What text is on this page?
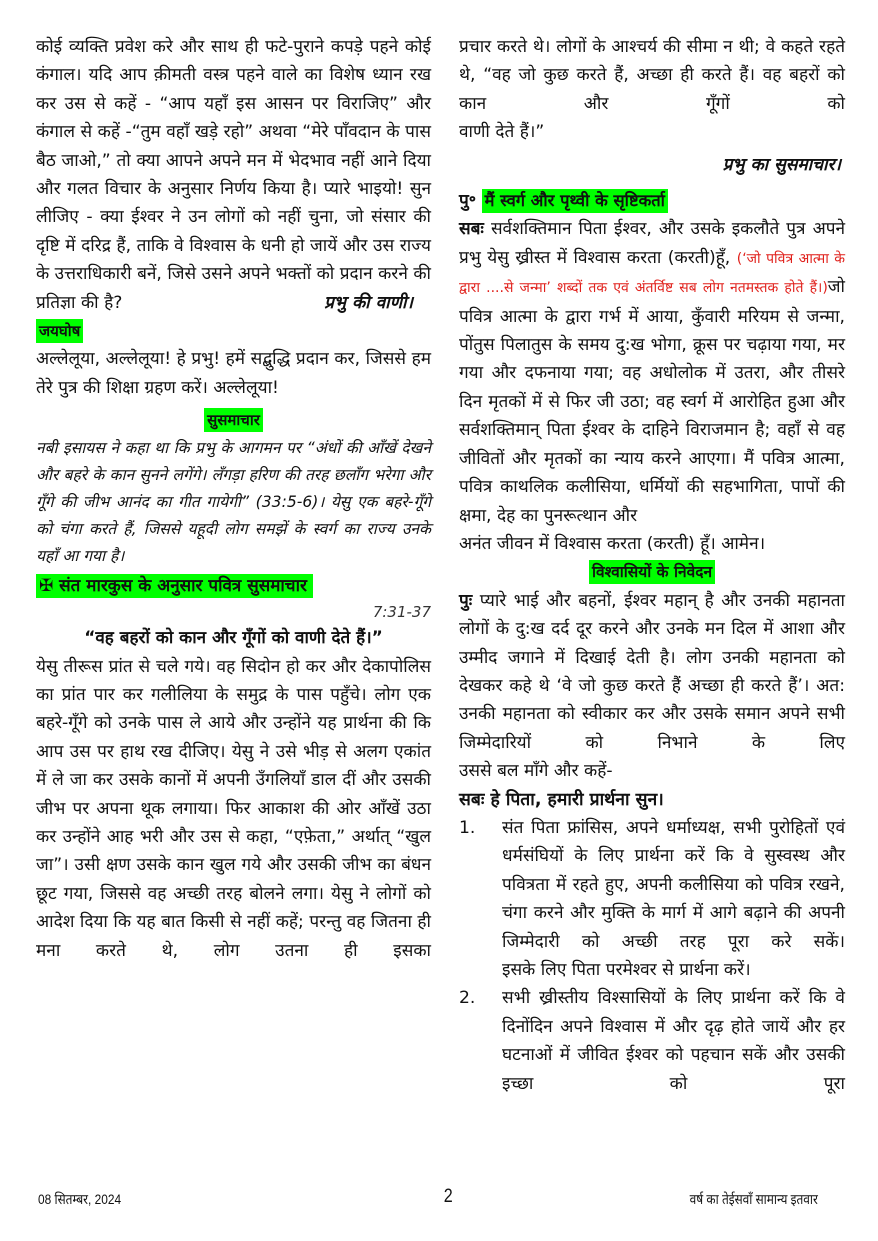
कोई व्यक्ति प्रवेश करे और साथ ही फटे-पुराने कपड़े पहने कोई कंगाल। यदि आप क़ीमती वस्त्र पहने वाले का विशेष ध्यान रख कर उस से कहें - “आप यहाँ इस आसन पर विराजिए” और कंगाल से कहें -“तुम वहाँ खड़े रहो” अथवा “मेरे पाँवदान के पास बैठ जाओ,” तो क्या आपने अपने मन में भेदभाव नहीं आने दिया और गलत विचार के अनुसार निर्णय किया है। प्यारे भाइयो! सुन लीजिए - क्या ईश्वर ने उन लोगों को नहीं चुना, जो संसार की दृष्टि में दरिद्र हैं, ताकि वे विश्वास के धनी हो जायें और उस राज्य के उत्तराधिकारी बनें, जिसे उसने अपने भक्तों को प्रदान करने की

प्रतिज्ञा की है?	प्रभु की वाणी।
जयघोष

अल्लेलूया, अल्लेलूया! हे प्रभु! हमें सद्बुद्धि प्रदान कर, जिससे हम तेरे पुत्र की शिक्षा ग्रहण करें। अल्लेलूया!

सुसमाचार

नबी इसायस ने कहा था कि प्रभु के आगमन पर “अंधों की आँखें देखने और बहरे के कान सुनने लगेंगे। लँगड़ा हरिण की तरह छलाँग भरेगा और गूँगे की जीभ आनंद का गीत गायेगी” (33:5-6)। येसु एक बहरे-गूँगे को चंगा करते हैं, जिससे यहूदी लोग समझें के स्वर्ग का राज्य उनके यहाँ आ गया है।

✠ संत मारकुस के अनुसार पवित्र सुसमाचार
7:31-37
“वह बहरों को कान और गूँगों को वाणी देते हैं।”

येसु तीरूस प्रांत से चले गये। वह सिदोन हो कर और देकापोलिस का प्रांत पार कर गलीलिया के समुद्र के पास पहुँचे। लोग एक बहरे-गूँगे को उनके पास ले आये और उन्होंने यह प्रार्थना की कि आप उस पर हाथ रख दीजिए। येसु ने उसे भीड़ से अलग एकांत में ले जा कर उसके कानों में अपनी उँगलियाँ डाल दीं और उसकी जीभ पर अपना थूक लगाया। फिर आकाश की ओर आँखें उठा कर उन्होंने आह भरी और उस से कहा, “एफ़ेता,” अर्थात् “खुल जा”। उसी क्षण उसके कान खुल गये और उसकी जीभ का बंधन छूट गया, जिससे वह अच्छी तरह बोलने लगा। येसु ने लोगों को आदेश दिया कि यह बात किसी से नहीं कहें; परन्तु वह जितना ही मना करते थे, लोग उतना ही इसका

प्रचार करते थे। लोगों के आश्चर्य की सीमा न थी; वे कहते रहते थे, “वह जो कुछ करते हैं, अच्छा ही करते हैं। वह बहरों को कान और गूँगों को

वाणी देते हैं।”

प्रभु का सुसमाचार।
पु॰ मैं स्वर्ग और पृथ्वी के सृष्टिकर्ता

सबः सर्वशक्तिमान पिता ईश्वर, और उसके इकलौते पुत्र अपने प्रभु येसु ख्रीस्त में विश्वास करता (करती)हूँ, (‘जो पवित्र आत्मा के द्वारा ....से जन्मा’ शब्दों तक एवं अंतर्विष्ट सब लोग नतमस्तक होते हैं।)जो पवित्र आत्मा के द्वारा गर्भ में आया, कुँवारी मरियम से जन्मा, पोंतुस पिलातुस के समय दु:ख भोगा, क्रूस पर चढ़ाया गया, मर गया और दफनाया गया; वह अधोलोक में उतरा, और तीसरे दिन मृतकों में से फिर जी उठा; वह स्वर्ग में आरोहित हुआ और सर्वशक्तिमान् पिता ईश्वर के दाहिने विराजमान है; वहाँ से वह जीवितों और मृतकों का न्याय करने आएगा। मैं पवित्र आत्मा, पवित्र काथलिक कलीसिया, धर्मियों की सहभागिता, पापों की क्षमा, देह का पुनरूत्थान और

अनंत जीवन में विश्वास करता (करती) हूँ। आमेन।

विश्वासियों के निवेदन

पुः प्यारे भाई और बहनों, ईश्वर महान् है और उनकी महानता लोगों के दु:ख दर्द दूर करने और उनके मन दिल में आशा और उम्मीद जगाने में दिखाई देती है। लोग उनकी महानता को देखकर कहे थे ‘वे जो कुछ करते हैं अच्छा ही करते हैं’। अत: उनकी महानता को स्वीकार कर और उसके समान अपने सभी जिम्मेदारियों को निभाने के लिए

उससे बल माँगे और कहें-

सबः हे पिता, हमारी प्रार्थना सुन।
1.	संत पिता फ्रांसिस, अपने धर्माध्यक्ष, सभी पुरोहितों एवं धर्मसंघियों के लिए प्रार्थना करें कि वे सुस्वस्थ और पवित्रता में रहते हुए, अपनी कलीसिया को पवित्र रखने, चंगा करने और मुक्ति के मार्ग में आगे बढ़ाने की अपनी जिम्मेदारी को अच्छी तरह पूरा करे सकें।

इसके लिए पिता परमेश्वर से प्रार्थना करें।

2.	सभी ख्रीस्तीय विश्सासियों के लिए प्रार्थना करें कि वे दिनोंदिन अपने विश्वास में और दृढ़ होते जायें और हर घटनाओं में जीवित ईश्वर को पहचान सकें और उसकी इच्छा को पूरा

08 सितम्बर, 2024	2	वर्ष का तेईसवाँ सामान्य इतवार
